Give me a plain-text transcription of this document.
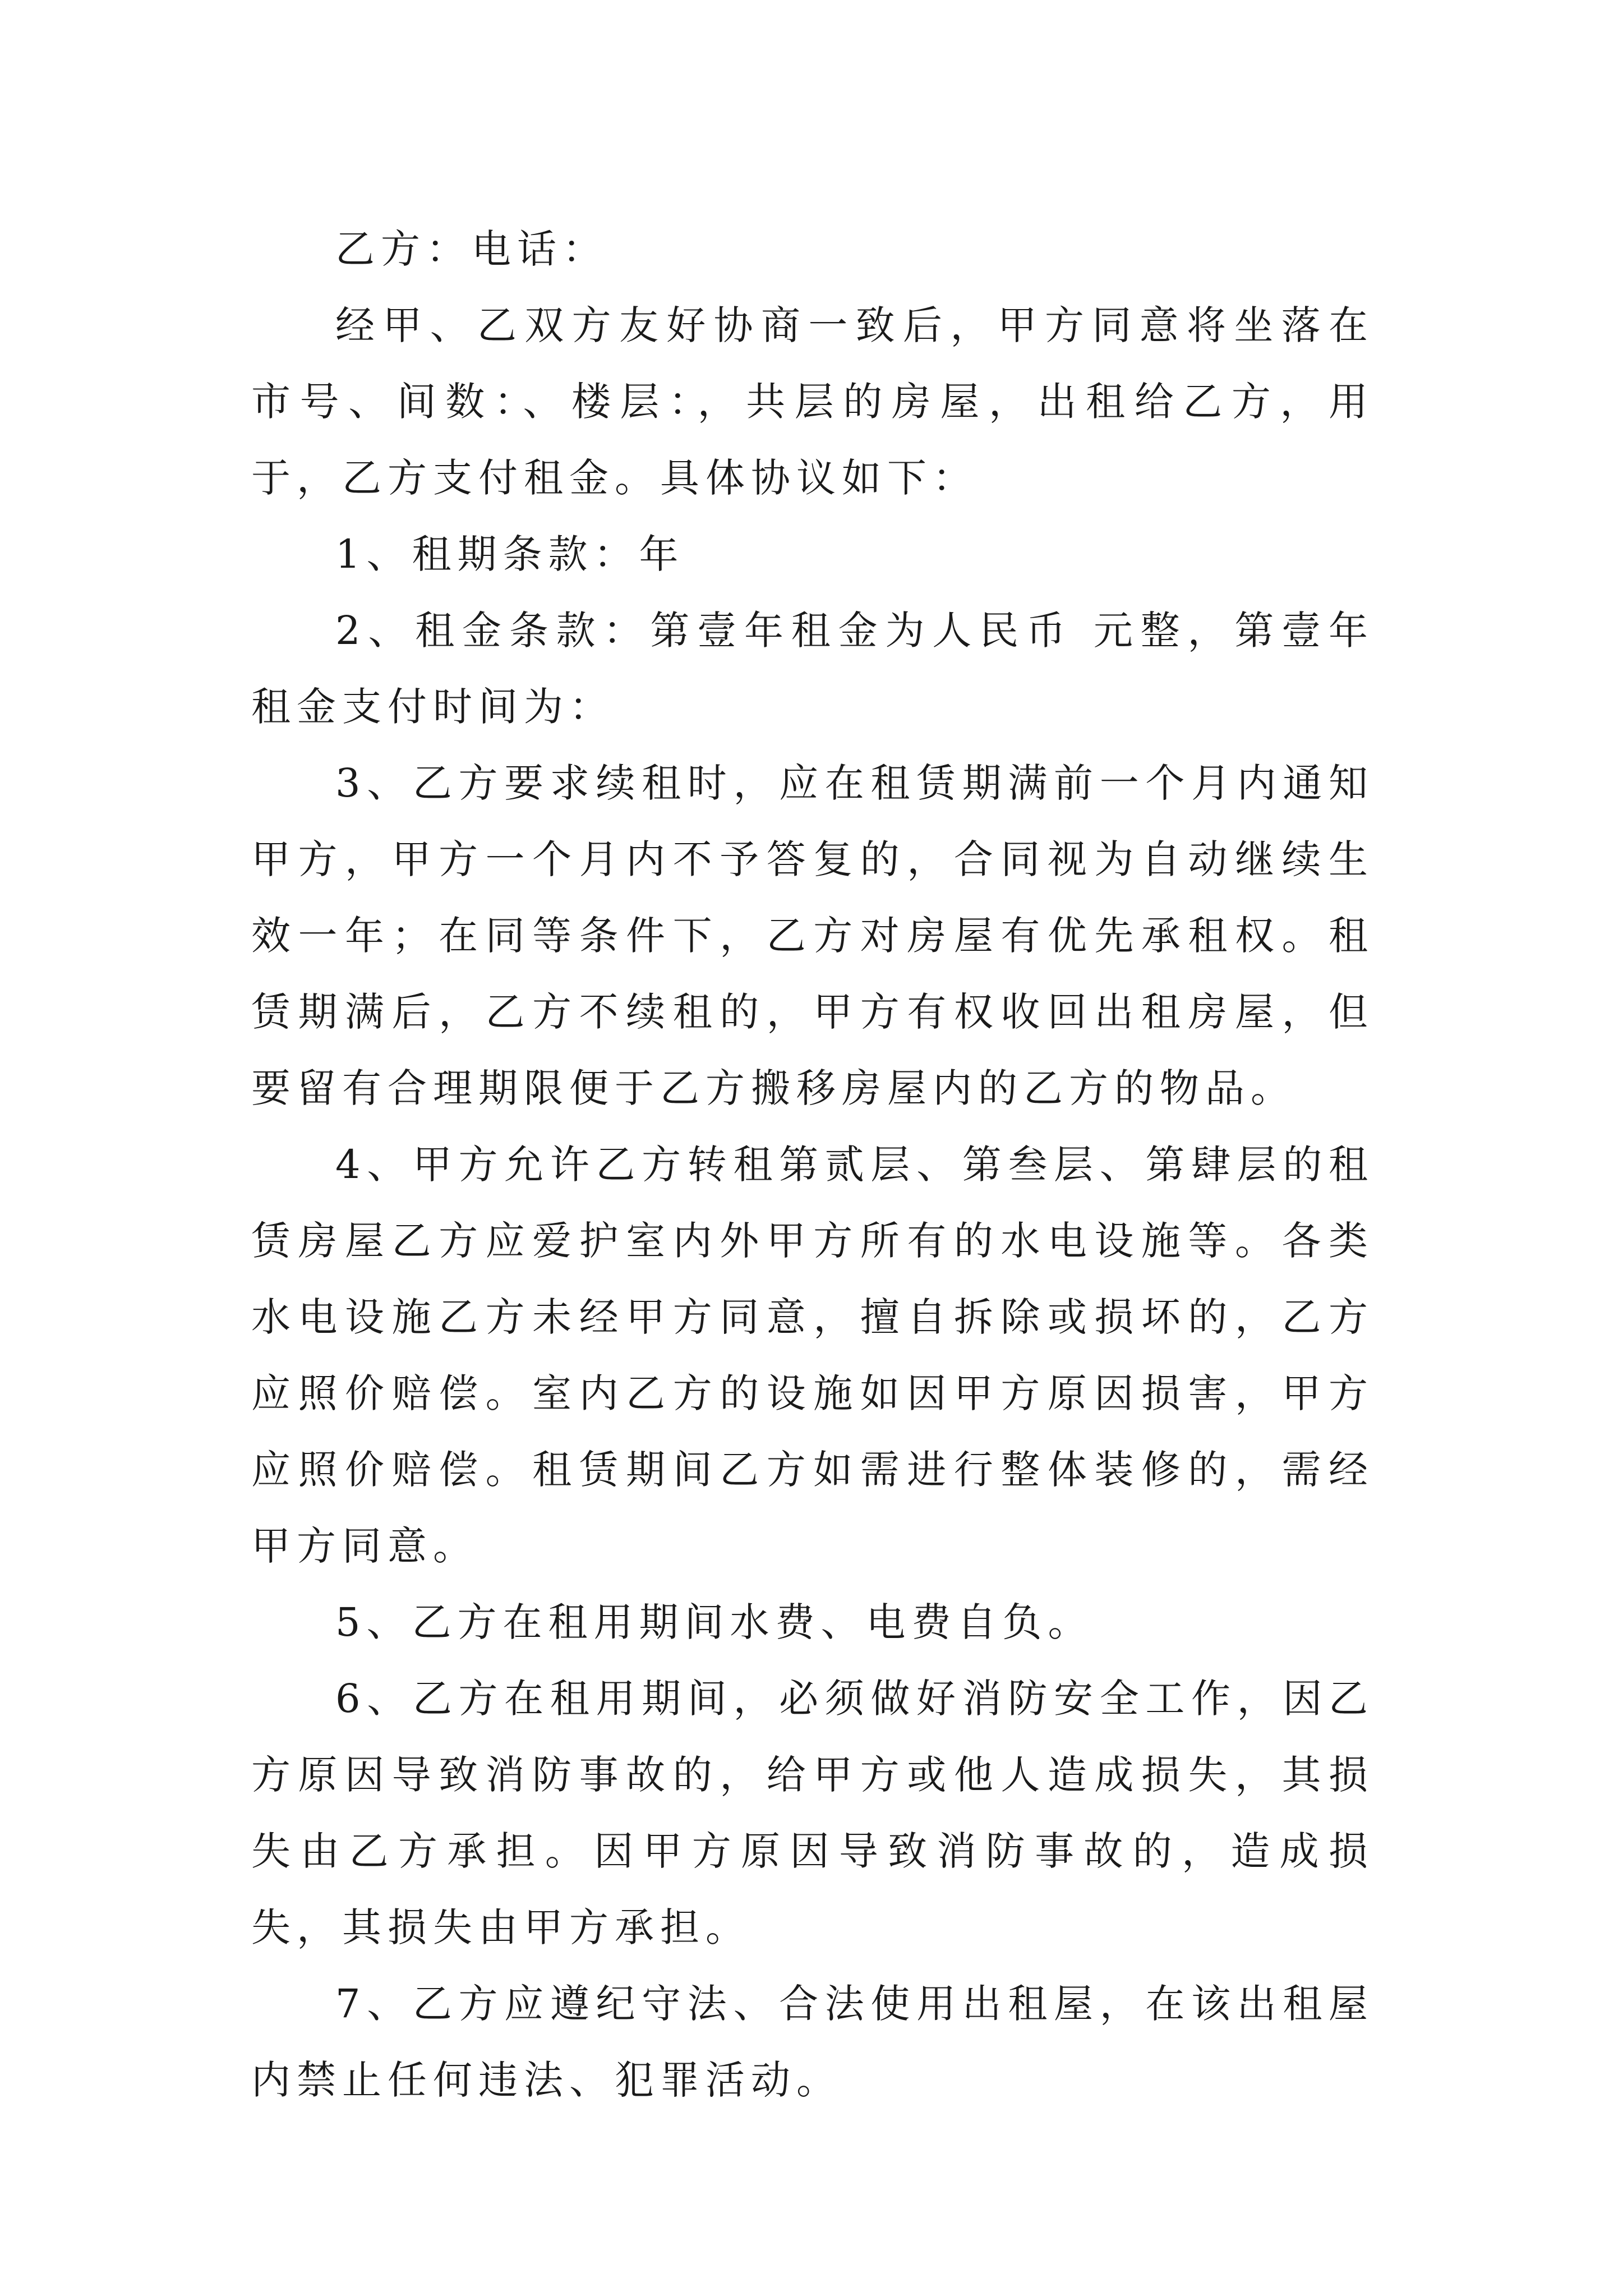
乙方：电话：

经甲、乙双方友好协商一致后，甲方同意将坐落在市号、间数：、楼层：，共层的房屋，出租给乙方，用于，乙方支付租金。具体协议如下：

1、租期条款：年

2、租金条款：第壹年租金为人民币 元整，第壹年租金支付时间为：

3、乙方要求续租时，应在租赁期满前一个月内通知甲方，甲方一个月内不予答复的，合同视为自动继续生效一年；在同等条件下，乙方对房屋有优先承租权。租赁期满后，乙方不续租的，甲方有权收回出租房屋，但要留有合理期限便于乙方搬移房屋内的乙方的物品。

4、甲方允许乙方转租第贰层、第叁层、第肆层的租赁房屋乙方应爱护室内外甲方所有的水电设施等。各类水电设施乙方未经甲方同意，擅自拆除或损坏的，乙方应照价赔偿。室内乙方的设施如因甲方原因损害，甲方应照价赔偿。租赁期间乙方如需进行整体装修的，需经甲方同意。

5、乙方在租用期间水费、电费自负。

6、乙方在租用期间，必须做好消防安全工作，因乙方原因导致消防事故的，给甲方或他人造成损失，其损失由乙方承担。因甲方原因导致消防事故的，造成损失，其损失由甲方承担。

7、乙方应遵纪守法、合法使用出租屋，在该出租屋内禁止任何违法、犯罪活动。
